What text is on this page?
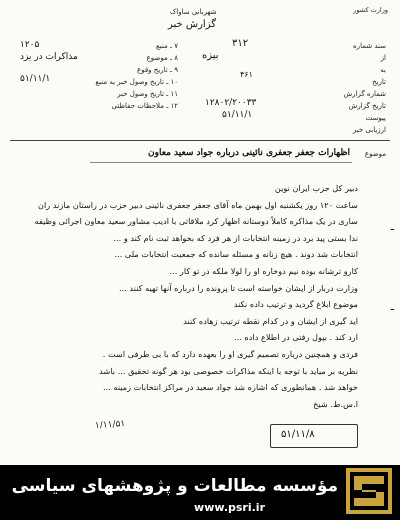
شهربانی ساواک	وزارت کشور
گزارش خبر
۷ ـ منبع
۸ ـ موضوع
۹ ـ تاریخ وقوع
۱۰ ـ تاریخ وصول خبر به منبع
۱۱ ـ تاریخ وصول خبر
۱۲ ـ ملاحظات حفاظتی
۱۲۰۵
مذاکرات در یزد
۵۱/۱۱/۱
سند شماره
از
به
تاریخ
شماره گزارش
تاریخ گزارش
پیوست
ارزیابی خبر
۳۱۲
بیزه
۴۶۱
۱۲۸۰۲/۲۰۰۳۳
۵۱/۱۱/۱
موضوع
اظهارات جعفر جعفری نائینی درباره جواد سعید معاون

دبیر کل حزب ایران نوین

ساعت ۱۲۰ روز یکشنبه اول بهمن ماه آقای جعفر جعفری نائینی دبیر حزب در راستان مازند ران

ساری در یک مذاکره کاملاً دوستانه اظهار کرد ملاقاتی با ادیب مشاور سعید معاون اجرائی وظیفه

ندا بستی پید برد در زمینه انتخابات از هر فرد که بخواهد ثبت نام کند و ...

انتخابات شد دوند . هیچ زنانه و مسئله سانده که جمعیت انتخابات ملی ...

کارو ترشانه بوده نیم دوخاره او را لولا ملکه در تو کار ...

وزارت دربار از ایشان خواسته است تا پرونده را درباره آنها تهیه کنند ...

موضوع ابلاغ گردید و ترتیب داده نکند

اید گیری از ایشان و در کدام نقطه ترتیب زهاده کنند

ارد کند . بپول رفتی در اطلاع داده ...

فردی و همچنین درباره تصمیم گیری او را بعهده دارد که با بی طرفی است .

نظریه بر میاید با توجه با اینکه مذاکرات خصوصی بود هر گونه تحقیق ... باشد

خواهد شد . همانطوری که اشاره شد جواد سعید در مراکز انتخابات زمینه ...

ا.س.ط. شیخ

ـ
ـ
۱/۱۱/۵۱
۵۱/۱۱/۸
مؤسسه مطالعات و پژوهشهای سیاسی
www.psri.ir
